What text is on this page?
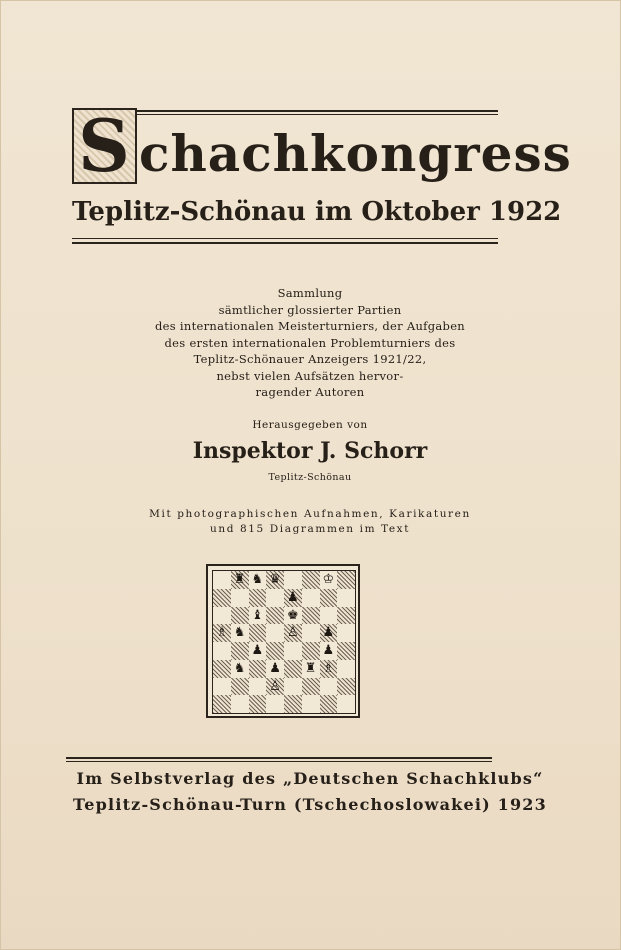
S chachkongress
Teplitz-Schönau im Oktober 1922
Sammlung
sämtlicher glossierter Partien
des internationalen Meisterturniers, der Aufgaben
des ersten internationalen Problemturniers des
Teplitz-Schönauer Anzeigers 1921/22,
nebst vielen Aufsätzen hervor-
ragender Autoren
Herausgegeben von
Inspektor J. Schorr
Teplitz-Schönau
Mit photographischen Aufnahmen, Karikaturen
und 815 Diagrammen im Text
♜ ♞ ♛	♔
♝ ♚
♗ ♞	♙ ♟
♟
♟
♟
♞ ♟ ♜ ♗
♙
Im Selbstverlag des „Deutschen Schachklubs“
Teplitz-Schönau-Turn (Tschechoslowakei) 1923
